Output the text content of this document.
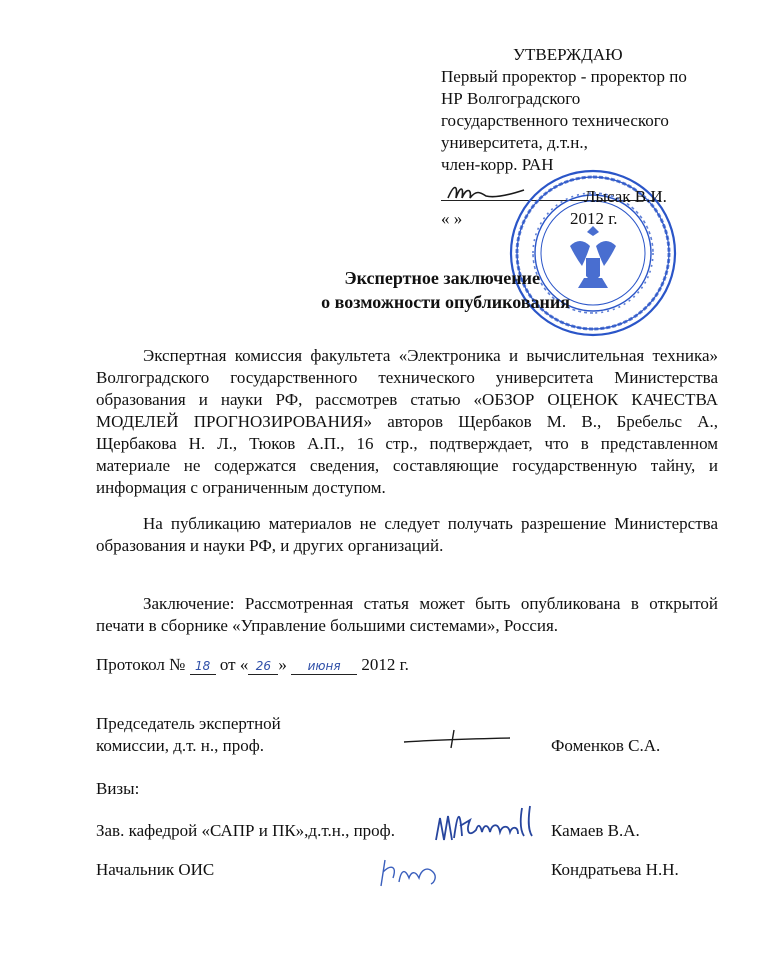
УТВЕРЖДАЮ
Первый проректор - проректор по
НР Волгоградского
государственного технического
университета, д.т.н.,
член-корр. РАН
Лысак В.И.
« »	2012 г.
Экспертное заключение
о возможности опубликования
Экспертная комиссия факультета «Электроника и вычислительная техника» Волгоградского государственного технического университета Министерства образования и науки РФ, рассмотрев статью «ОБЗОР ОЦЕНОК КАЧЕСТВА МОДЕЛЕЙ ПРОГНОЗИРОВАНИЯ» авторов Щербаков М. В., Бребельс А., Щербакова Н. Л., Тюков А.П., 16 стр., подтверждает, что в представленном материале не содержатся сведения, составляющие государственную тайну, и информация с ограниченным доступом.
На публикацию материалов не следует получать разрешение Министерства образования и науки РФ, и других организаций.
Заключение: Рассмотренная статья может быть опубликована в открытой печати в сборнике «Управление большими системами», Россия.
Протокол № 18 от « 26 » июня 2012 г.
Председатель экспертной
комиссии, д.т. н., проф.	Фоменков С.А.
Визы:
Зав. кафедрой «САПР и ПК»,д.т.н., проф.	Камаев В.А.
Начальник ОИС	Кондратьева Н.Н.
